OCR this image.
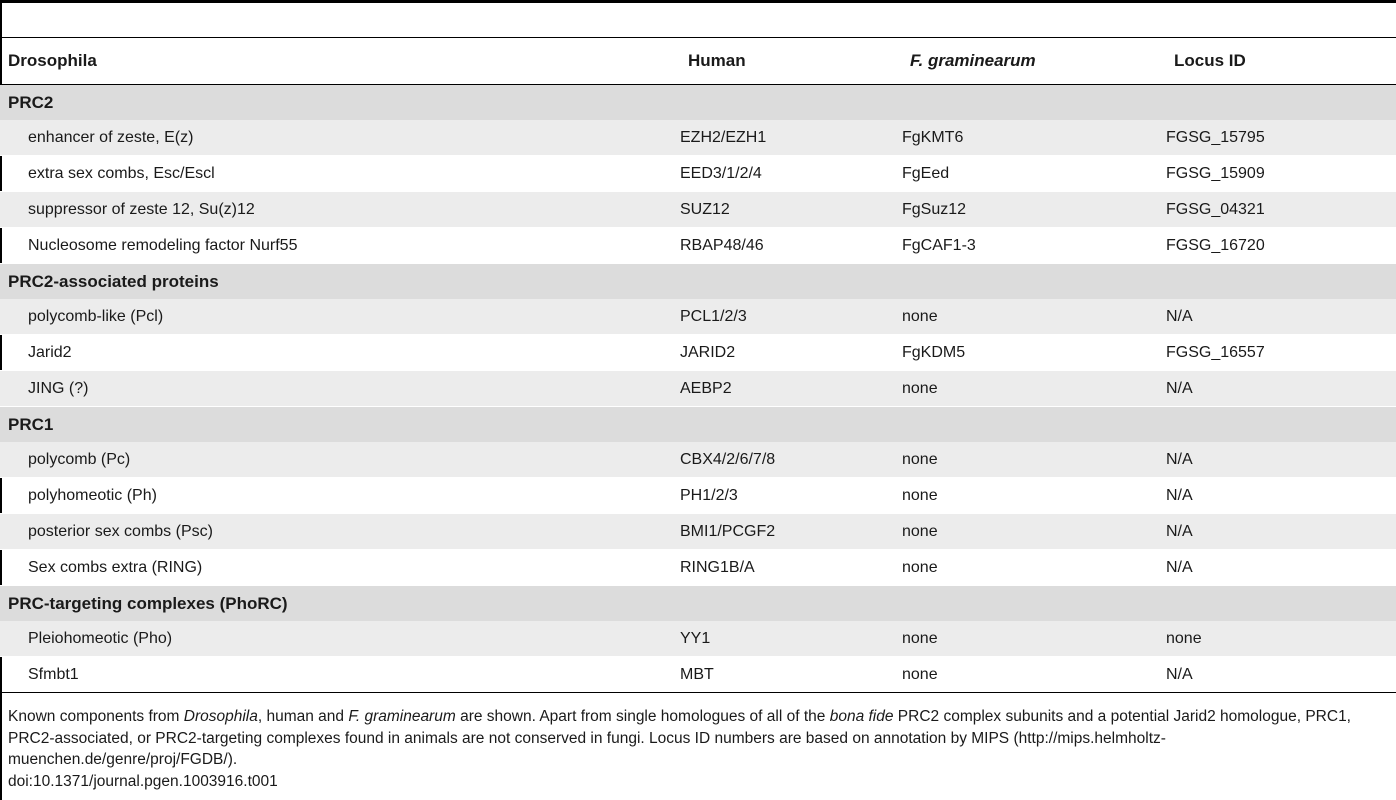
Drosophila	Human	F. graminearum	Locus ID
PRC2			
enhancer of zeste, E(z)	EZH2/EZH1	FgKMT6	FGSG_15795
extra sex combs, Esc/Escl	EED3/1/2/4	FgEed	FGSG_15909
suppressor of zeste 12, Su(z)12	SUZ12	FgSuz12	FGSG_04321
Nucleosome remodeling factor Nurf55	RBAP48/46	FgCAF1-3	FGSG_16720
PRC2-associated proteins			
polycomb-like (Pcl)	PCL1/2/3	none	N/A
Jarid2	JARID2	FgKDM5	FGSG_16557
JING (?)	AEBP2	none	N/A
PRC1			
polycomb (Pc)	CBX4/2/6/7/8	none	N/A
polyhomeotic (Ph)	PH1/2/3	none	N/A
posterior sex combs (Psc)	BMI1/PCGF2	none	N/A
Sex combs extra (RING)	RING1B/A	none	N/A
PRC-targeting complexes (PhoRC)			
Pleiohomeotic (Pho)	YY1	none	none
Sfmbt1	MBT	none	N/A
Known components from Drosophila, human and F. graminearum are shown. Apart from single homologues of all of the bona fide PRC2 complex subunits and a potential Jarid2 homologue, PRC1, PRC2-associated, or PRC2-targeting complexes found in animals are not conserved in fungi. Locus ID numbers are based on annotation by MIPS (http://mips.helmholtz-muenchen.de/genre/proj/FGDB/).
doi:10.1371/journal.pgen.1003916.t001
